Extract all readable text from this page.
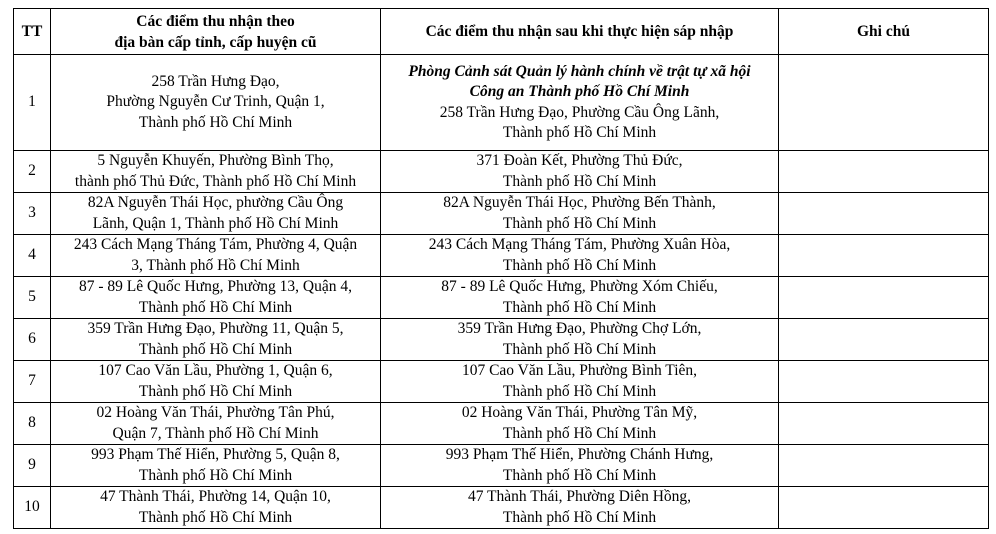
TT	Các điểm thu nhận theo
địa bàn cấp tỉnh, cấp huyện cũ	Các điểm thu nhận sau khi thực hiện sáp nhập	Ghi chú
1	258 Trần Hưng Đạo,
Phường Nguyễn Cư Trinh, Quận 1,
Thành phố Hồ Chí Minh	Phòng Cảnh sát Quản lý hành chính về trật tự xã hội
Công an Thành phố Hồ Chí Minh
258 Trần Hưng Đạo, Phường Cầu Ông Lãnh,
Thành phố Hồ Chí Minh	

2	5 Nguyễn Khuyến, Phường Bình Thọ,
thành phố Thủ Đức, Thành phố Hồ Chí Minh	371 Đoàn Kết, Phường Thủ Đức,
Thành phố Hồ Chí Minh	

3	82A Nguyễn Thái Học, phường Cầu Ông
Lãnh, Quận 1, Thành phố Hồ Chí Minh	82A Nguyễn Thái Học, Phường Bến Thành,
Thành phố Hồ Chí Minh	

4	243 Cách Mạng Tháng Tám, Phường 4, Quận
3, Thành phố Hồ Chí Minh	243 Cách Mạng Tháng Tám, Phường Xuân Hòa,
Thành phố Hồ Chí Minh	

5	87 - 89 Lê Quốc Hưng, Phường 13, Quận 4,
Thành phố Hồ Chí Minh	87 - 89 Lê Quốc Hưng, Phường Xóm Chiếu,
Thành phố Hồ Chí Minh	

6	359 Trần Hưng Đạo, Phường 11, Quận 5,
Thành phố Hồ Chí Minh	359 Trần Hưng Đạo, Phường Chợ Lớn,
Thành phố Hồ Chí Minh	

7	107 Cao Văn Lầu, Phường 1, Quận 6,
Thành phố Hồ Chí Minh	107 Cao Văn Lầu, Phường Bình Tiên,
Thành phố Hồ Chí Minh	

8	02 Hoàng Văn Thái, Phường Tân Phú,
Quận 7, Thành phố Hồ Chí Minh	02 Hoàng Văn Thái, Phường Tân Mỹ,
Thành phố Hồ Chí Minh	

9	993 Phạm Thế Hiển, Phường 5, Quận 8,
Thành phố Hồ Chí Minh	993 Phạm Thế Hiển, Phường Chánh Hưng,
Thành phố Hồ Chí Minh	

10	47 Thành Thái, Phường 14, Quận 10,
Thành phố Hồ Chí Minh	47 Thành Thái, Phường Diên Hồng,
Thành phố Hồ Chí Minh	
